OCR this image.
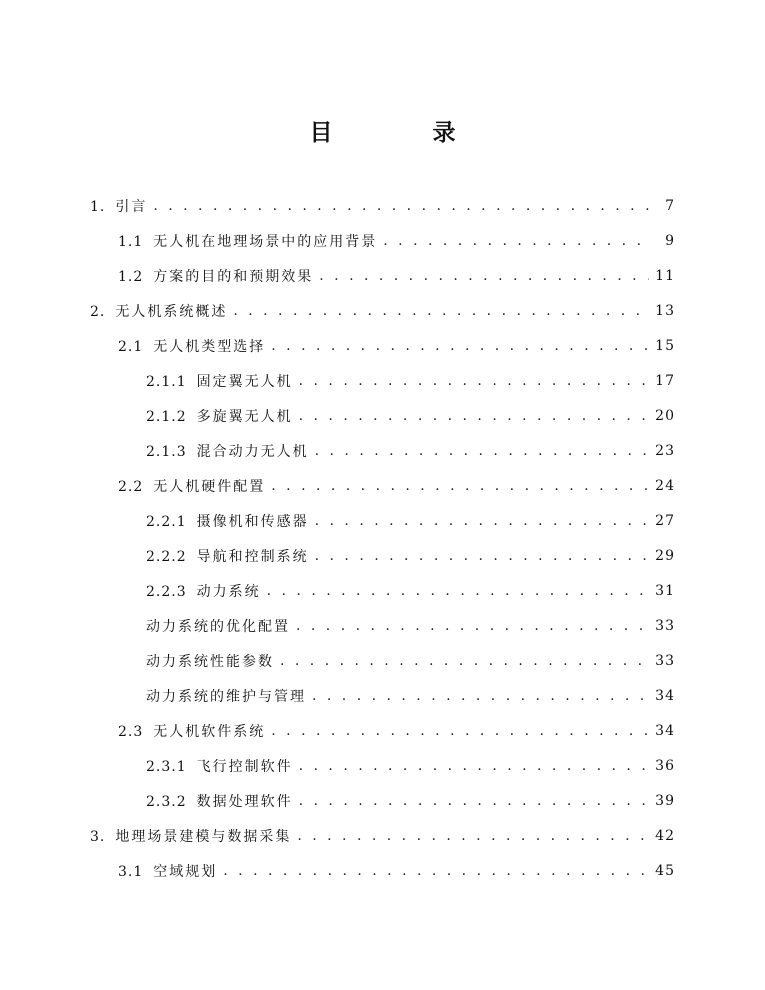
目 录
1. 引言 . . .	7
1.1 无人机在地理场景中的应用背景 . . .	9
1.2 方案的目的和预期效果 . . .	11
2. 无人机系统概述 . . .	13
2.1 无人机类型选择 . . .	15
2.1.1 固定翼无人机 . . .	17
2.1.2 多旋翼无人机 . . .	20
2.1.3 混合动力无人机 . . .	23
2.2 无人机硬件配置 . . .	24
2.2.1 摄像机和传感器 . . .	27
2.2.2 导航和控制系统 . . .	29
2.2.3 动力系统 . . .	31
动力系统的优化配置 . . .	33
动力系统性能参数 . . .	33
动力系统的维护与管理 . . .	34
2.3 无人机软件系统 . . .	34
2.3.1 飞行控制软件 . . .	36
2.3.2 数据处理软件 . . .	39
3. 地理场景建模与数据采集 . . .	42
3.1 空域规划 . . .	45
